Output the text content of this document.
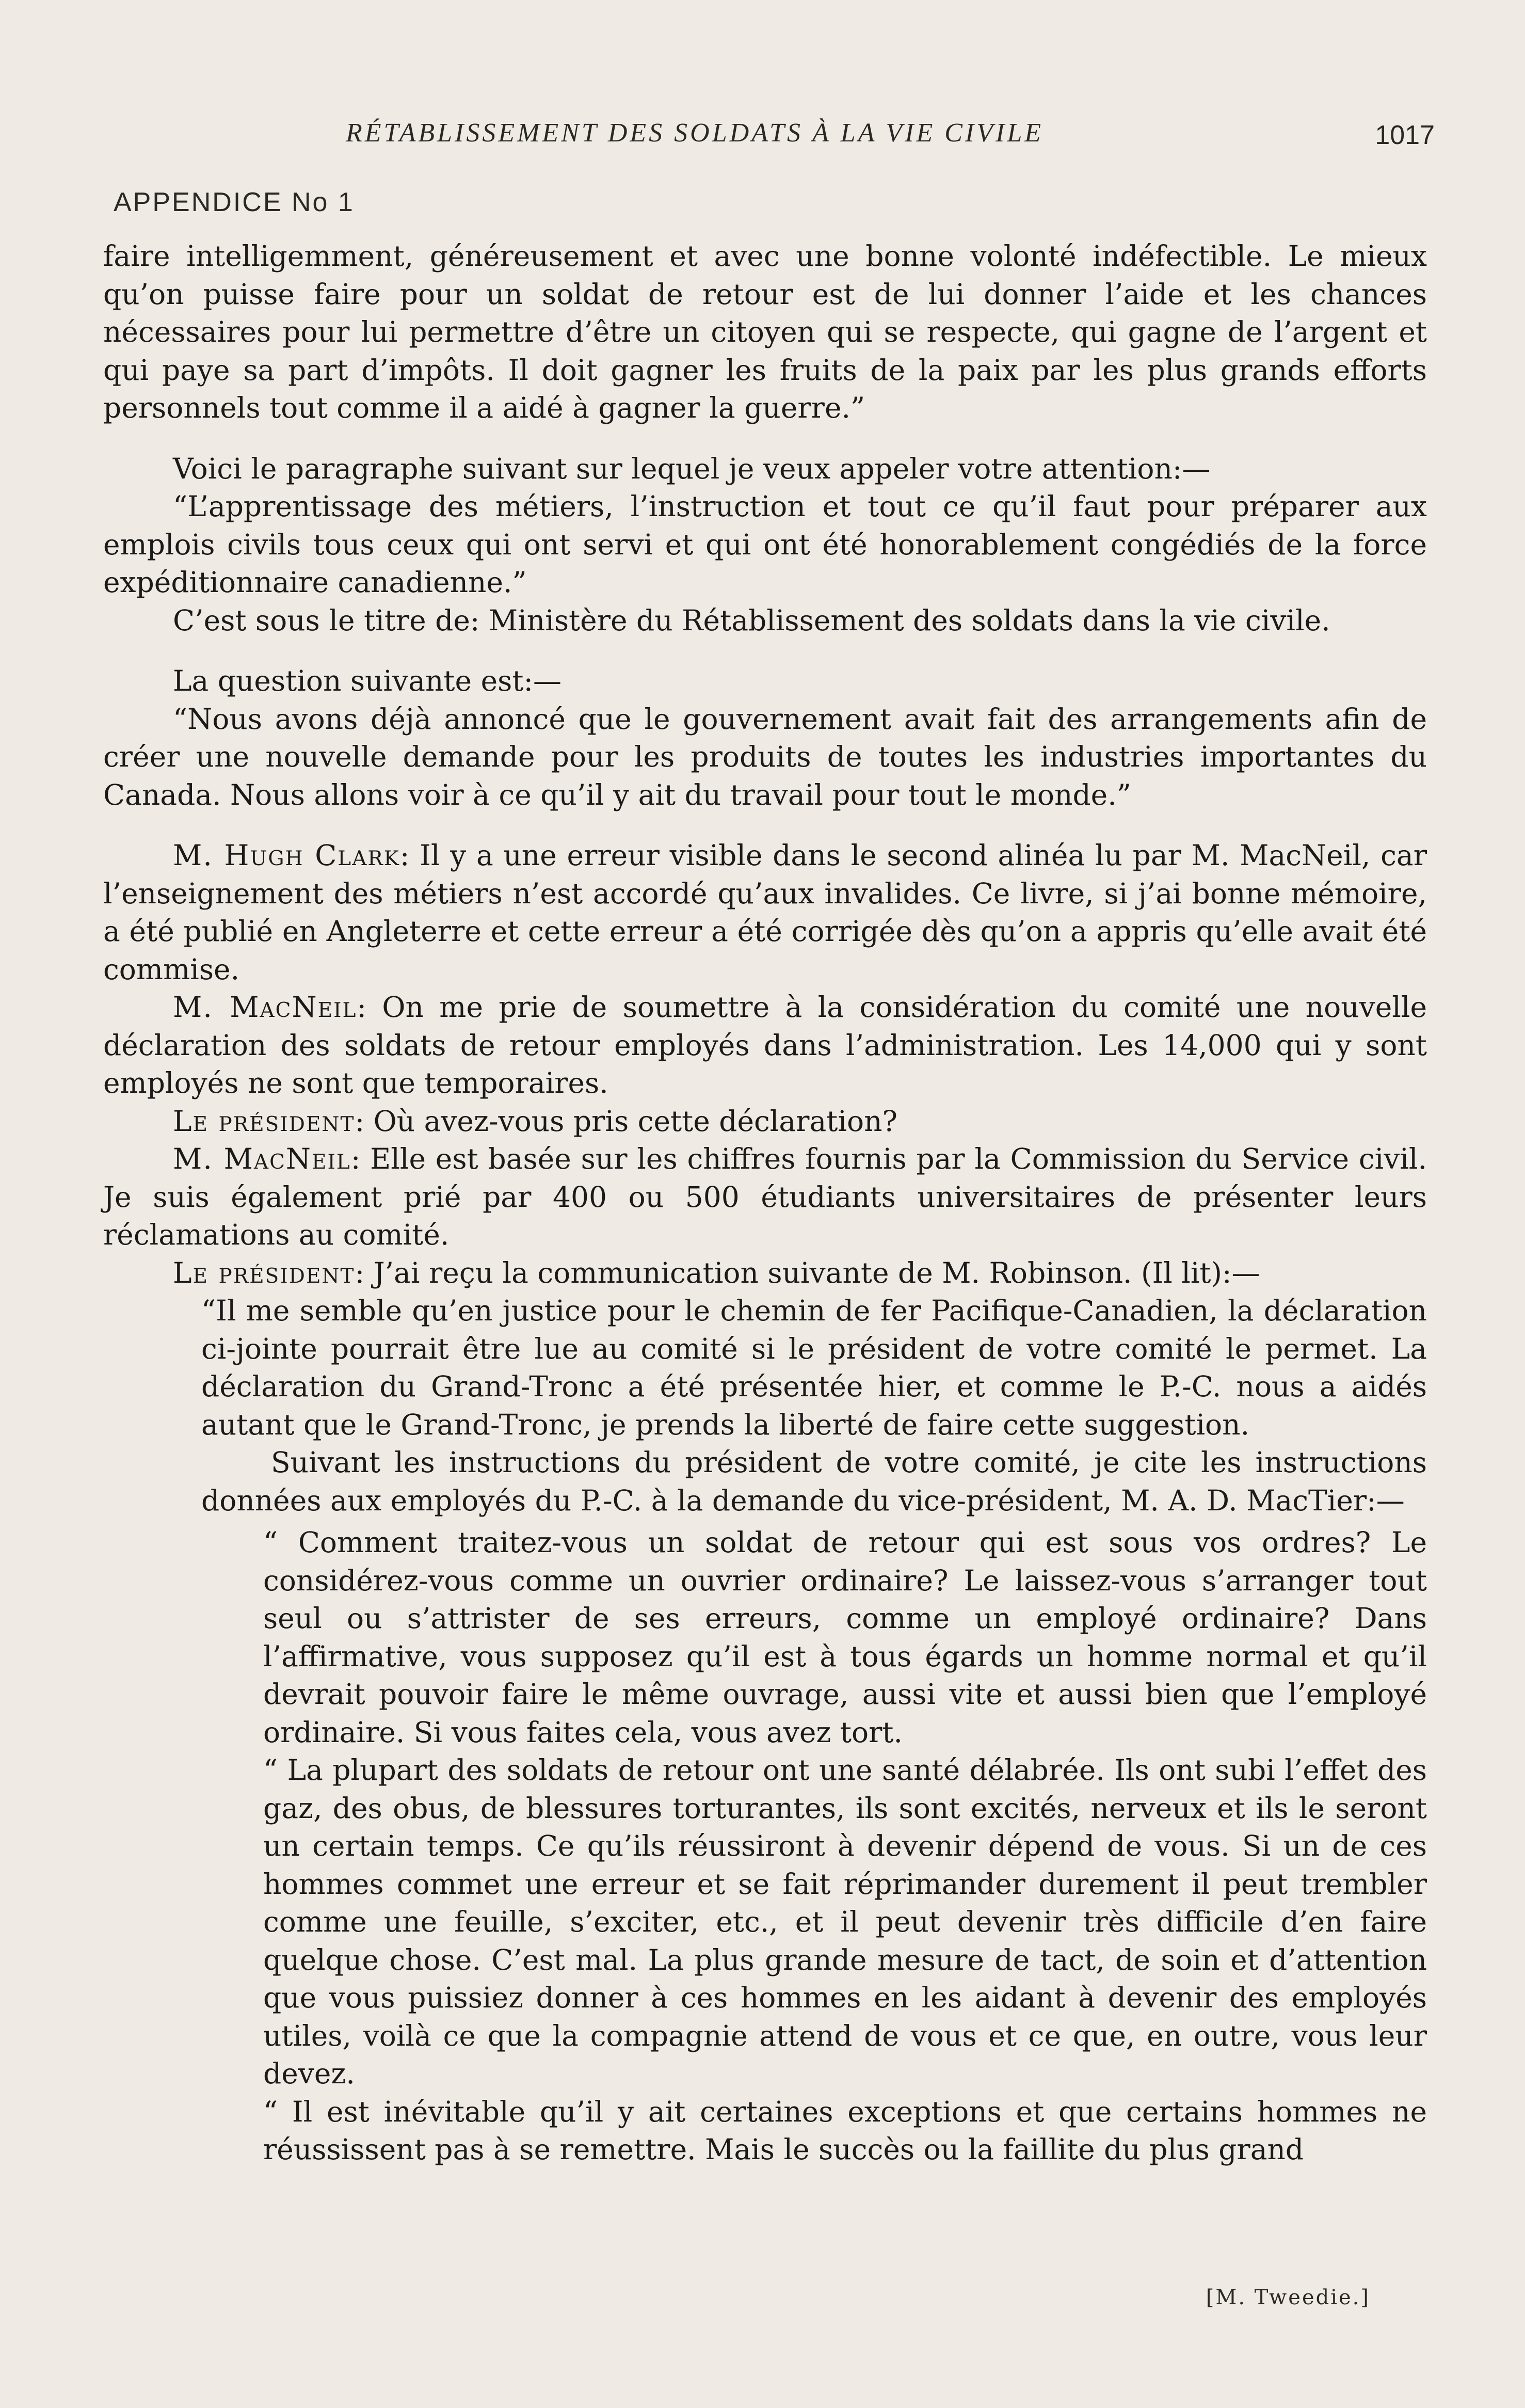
RÉTABLISSEMENT DES SOLDATS À LA VIE CIVILE	1017
APPENDICE No 1

faire intelligemment, généreusement et avec une bonne volonté indéfectible. Le mieux qu’on puisse faire pour un soldat de retour est de lui donner l’aide et les chances nécessaires pour lui permettre d’être un citoyen qui se respecte, qui gagne de l’argent et qui paye sa part d’impôts. Il doit gagner les fruits de la paix par les plus grands efforts personnels tout comme il a aidé à gagner la guerre.”

Voici le paragraphe suivant sur lequel je veux appeler votre attention:—

“L’apprentissage des métiers, l’instruction et tout ce qu’il faut pour préparer aux emplois civils tous ceux qui ont servi et qui ont été honorablement congédiés de la force expéditionnaire canadienne.”

C’est sous le titre de: Ministère du Rétablissement des soldats dans la vie civile.

La question suivante est:—

“Nous avons déjà annoncé que le gouvernement avait fait des arrangements afin de créer une nouvelle demande pour les produits de toutes les industries importantes du Canada. Nous allons voir à ce qu’il y ait du travail pour tout le monde.”

M. Hugh Clark: Il y a une erreur visible dans le second alinéa lu par M. MacNeil, car l’enseignement des métiers n’est accordé qu’aux invalides. Ce livre, si j’ai bonne mémoire, a été publié en Angleterre et cette erreur a été corrigée dès qu’on a appris qu’elle avait été commise.

M. MacNeil: On me prie de soumettre à la considération du comité une nouvelle déclaration des soldats de retour employés dans l’administration. Les 14,000 qui y sont employés ne sont que temporaires.

Le président: Où avez-vous pris cette déclaration?

M. MacNeil: Elle est basée sur les chiffres fournis par la Commission du Service civil. Je suis également prié par 400 ou 500 étudiants universitaires de présenter leurs réclamations au comité.

Le président: J’ai reçu la communication suivante de M. Robinson. (Il lit):—

“Il me semble qu’en justice pour le chemin de fer Pacifique-Canadien, la déclaration ci-jointe pourrait être lue au comité si le président de votre comité le permet. La déclaration du Grand-Tronc a été présentée hier, et comme le P.-C. nous a aidés autant que le Grand-Tronc, je prends la liberté de faire cette suggestion.

Suivant les instructions du président de votre comité, je cite les instructions données aux employés du P.-C. à la demande du vice-président, M. A. D. MacTier:—

“ Comment traitez-vous un soldat de retour qui est sous vos ordres? Le considérez-vous comme un ouvrier ordinaire? Le laissez-vous s’arranger tout seul ou s’attrister de ses erreurs, comme un employé ordinaire? Dans l’affirmative, vous supposez qu’il est à tous égards un homme normal et qu’il devrait pouvoir faire le même ouvrage, aussi vite et aussi bien que l’employé ordinaire. Si vous faites cela, vous avez tort.

“ La plupart des soldats de retour ont une santé délabrée. Ils ont subi l’effet des gaz, des obus, de blessures torturantes, ils sont excités, nerveux et ils le seront un certain temps. Ce qu’ils réussiront à devenir dépend de vous. Si un de ces hommes commet une erreur et se fait réprimander durement il peut trembler comme une feuille, s’exciter, etc., et il peut devenir très difficile d’en faire quelque chose. C’est mal. La plus grande mesure de tact, de soin et d’attention que vous puissiez donner à ces hommes en les aidant à devenir des employés utiles, voilà ce que la compagnie attend de vous et ce que, en outre, vous leur devez.

“ Il est inévitable qu’il y ait certaines exceptions et que certains hommes ne réussissent pas à se remettre. Mais le succès ou la faillite du plus grand

[M. Tweedie.]
